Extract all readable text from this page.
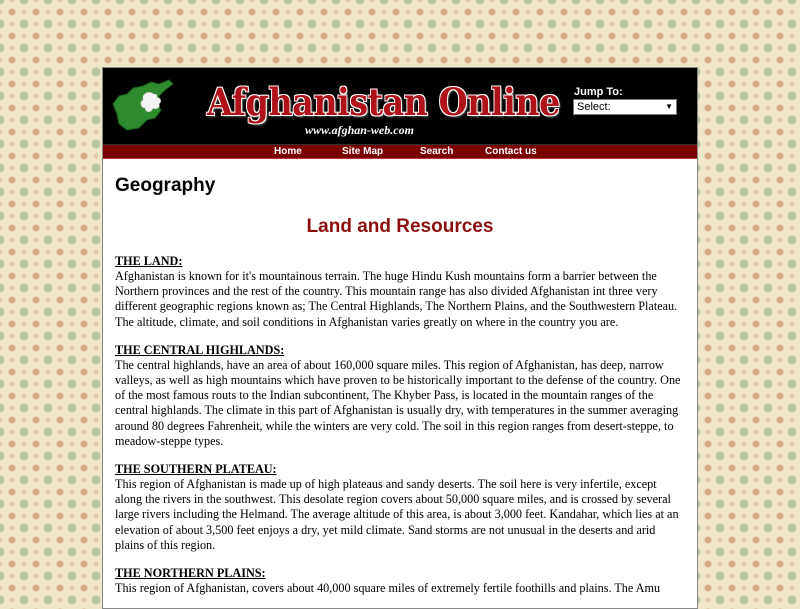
Afghanistan Online
www.afghan-web.com
Jump To:
Select:	▼
Home	Site Map	Search	Contact us
Geography
Land and Resources
THE LAND:

Afghanistan is known for it's mountainous terrain. The huge Hindu Kush mountains form a barrier between the Northern provinces and the rest of the country. This mountain range has also divided Afghanistan int three very different geographic regions known as; The Central Highlands, The Northern Plains, and the Southwestern Plateau. The altitude, climate, and soil conditions in Afghanistan varies greatly on where in the country you are.

THE CENTRAL HIGHLANDS:

The central highlands, have an area of about 160,000 square miles. This region of Afghanistan, has deep, narrow valleys, as well as high mountains which have proven to be historically important to the defense of the country. One of the most famous routs to the Indian subcontinent, The Khyber Pass, is located in the mountain ranges of the central highlands. The climate in this part of Afghanistan is usually dry, with temperatures in the summer averaging around 80 degrees Fahrenheit, while the winters are very cold. The soil in this region ranges from desert-steppe, to meadow-steppe types.

THE SOUTHERN PLATEAU:

This region of Afghanistan is made up of high plateaus and sandy deserts. The soil here is very infertile, except along the rivers in the southwest. This desolate region covers about 50,000 square miles, and is crossed by several large rivers including the Helmand. The average altitude of this area, is about 3,000 feet. Kandahar, which lies at an elevation of about 3,500 feet enjoys a dry, yet mild climate. Sand storms are not unusual in the deserts and arid plains of this region.

THE NORTHERN PLAINS:

This region of Afghanistan, covers about 40,000 square miles of extremely fertile foothills and plains. The Amu
